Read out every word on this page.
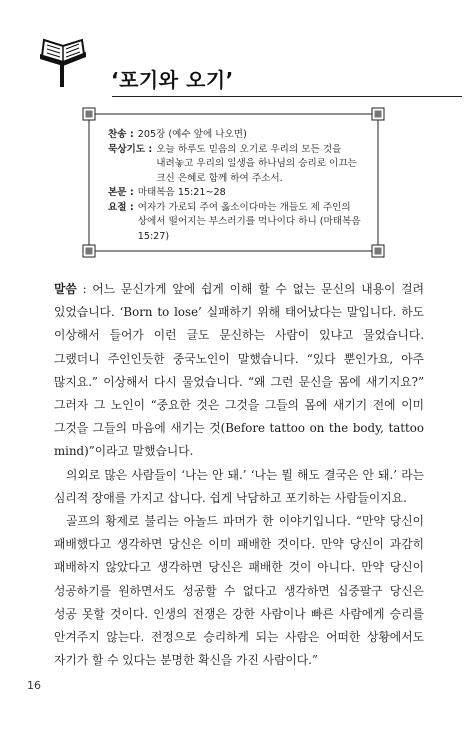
‘포기와 오기’
찬송 : 205장 (예수 앞에 나오면)
묵상기도 : 오늘 하루도 믿음의 오기로 우리의 모든 것을 내려놓고 우리의 일생을 하나님의 승리로 이끄는 크신 은혜로 함께 하여 주소서.
본문 : 마태복음 15:21~28
요절 : 여자가 가로되 주여 옳소이다마는 개들도 제 주인의 상에서 떨어지는 부스러기를 먹나이다 하니 (마태복음 15:27)

말씀 : 어느 문신가게 앞에 쉽게 이해 할 수 없는 문신의 내용이 걸려 있었습니다. ‘Born to lose’ 실패하기 위해 태어났다는 말입니다. 하도 이상해서 들어가 이런 글도 문신하는 사람이 있냐고 물었습니다. 그랬더니 주인인듯한 중국노인이 말했습니다. “있다 뿐인가요, 아주 많지요.” 이상해서 다시 물었습니다. “왜 그런 문신을 몸에 새기지요?” 그러자 그 노인이 “중요한 것은 그것을 그들의 몸에 새기기 전에 이미 그것을 그들의 마음에 새기는 것(Before tattoo on the body, tattoo mind)”이라고 말했습니다.

의외로 많은 사람들이 ‘나는 안 돼.’ ‘나는 뭘 해도 결국은 안 돼.’ 라는 심리적 장애를 가지고 삽니다. 쉽게 낙담하고 포기하는 사람들이지요.

골프의 황제로 불리는 아놀드 파머가 한 이야기입니다. “만약 당신이 패배했다고 생각하면 당신은 이미 패배한 것이다. 만약 당신이 과감히 패배하지 않았다고 생각하면 당신은 패배한 것이 아니다. 만약 당신이 성공하기를 원하면서도 성공할 수 없다고 생각하면 십중팔구 당신은 성공 못할 것이다. 인생의 전쟁은 강한 사람이나 빠른 사람에게 승리를 안겨주지 않는다. 전정으로 승리하게 되는 사람은 어떠한 상황에서도 자기가 할 수 있다는 분명한 확신을 가진 사람이다.”

16
